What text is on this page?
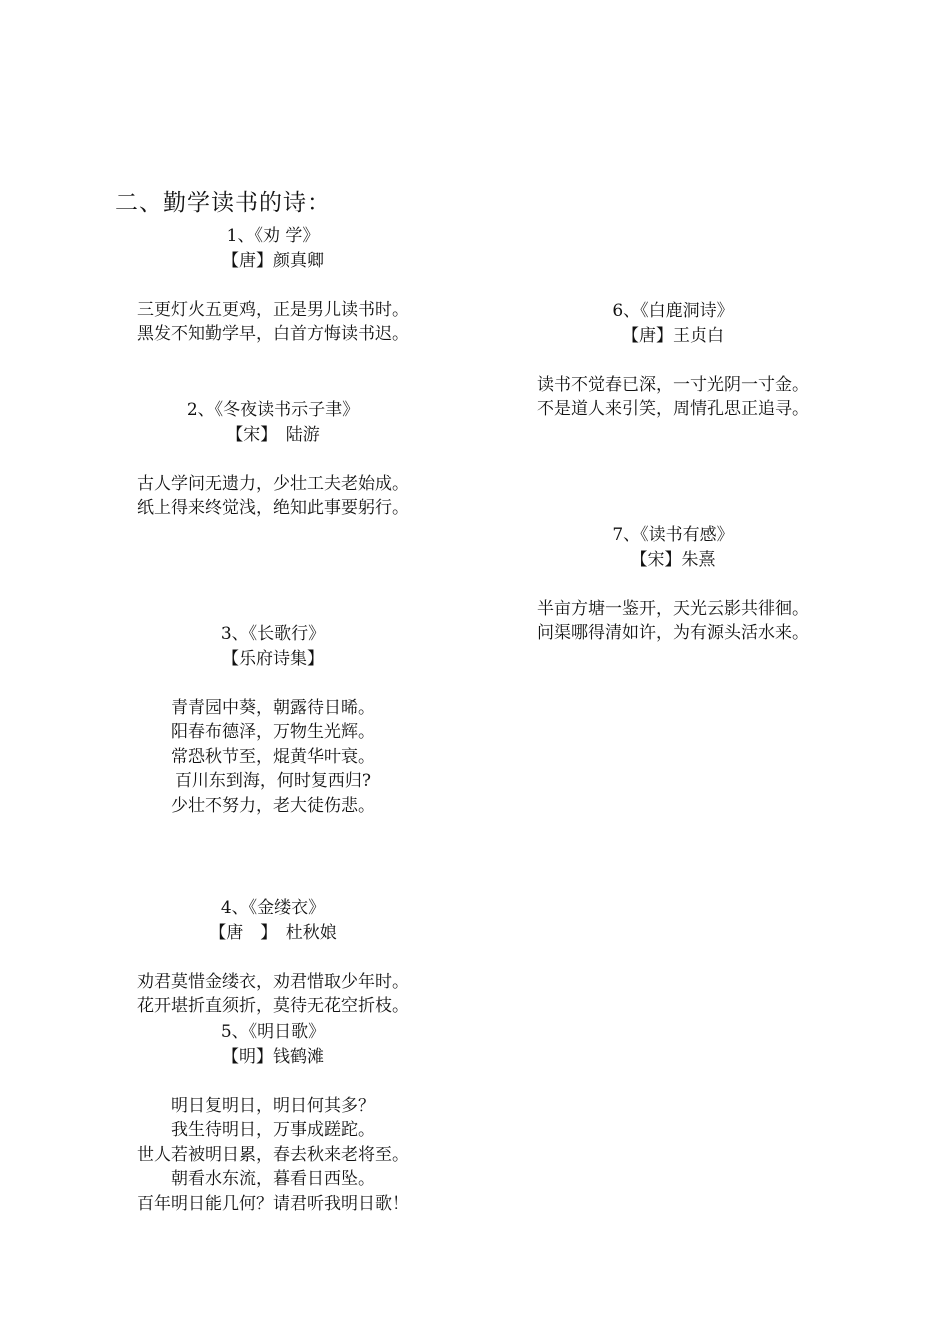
二、勤学读书的诗：
1、《劝 学》
【唐】颜真卿
三更灯火五更鸡，正是男儿读书时。
黑发不知勤学早，白首方悔读书迟。
2、《冬夜读书示子聿》
【宋】　陆游
古人学问无遗力，少壮工夫老始成。
纸上得来终觉浅，绝知此事要躬行。
3、《长歌行》
【乐府诗集】
青青园中葵，朝露待日晞。
阳春布德泽，万物生光辉。
常恐秋节至，焜黄华叶衰。
百川东到海，何时复西归?
少壮不努力，老大徒伤悲。
4、《金缕衣》
【唐　】　杜秋娘
劝君莫惜金缕衣，劝君惜取少年时。
花开堪折直须折，莫待无花空折枝。
5、《明日歌》
【明】钱鹤滩
明日复明日，明日何其多？
我生待明日，万事成蹉跎。
世人若被明日累，春去秋来老将至。
朝看水东流，暮看日西坠。
百年明日能几何？请君听我明日歌！
6、《白鹿洞诗》
【唐】王贞白
读书不觉春已深，一寸光阴一寸金。
不是道人来引笑，周情孔思正追寻。
7、《读书有感》
【宋】朱熹
半亩方塘一鉴开，天光云影共徘徊。
问渠哪得清如许，为有源头活水来。
